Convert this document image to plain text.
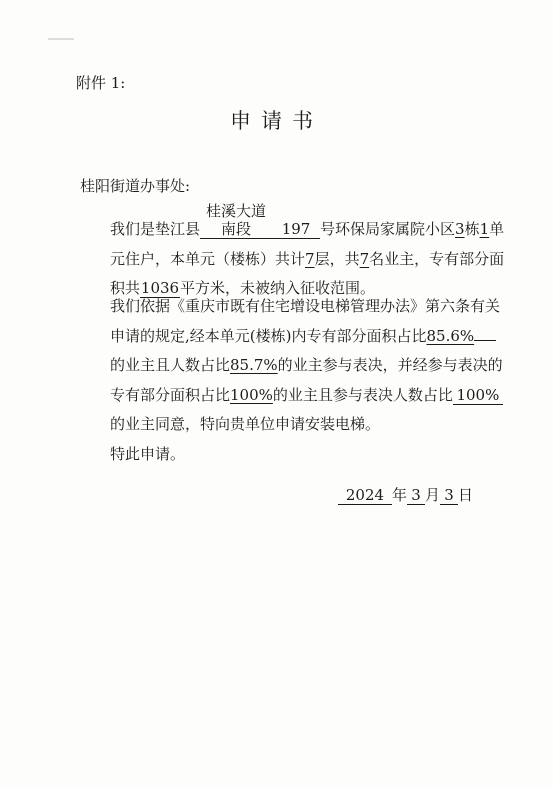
附件 1:
申请书
桂阳街道办事处:
我们是垫江县桂溪大道南段 197 号环保局家属院小区3栋1单元住户，本单元（楼栋）共计7层，共7名业主，专有部分面积共1036平方米，未被纳入征收范围。
我们依据《重庆市既有住宅增设电梯管理办法》第六条有关申请的规定,经本单元(楼栋)内专有部分面积占比85.6%的业主且人数占比85.7%的业主参与表决，并经参与表决的专有部分面积占比100%的业主且参与表决人数占比 100%的业主同意，特向贵单位申请安装电梯。
特此申请。
2024 年 3 月 3 日
